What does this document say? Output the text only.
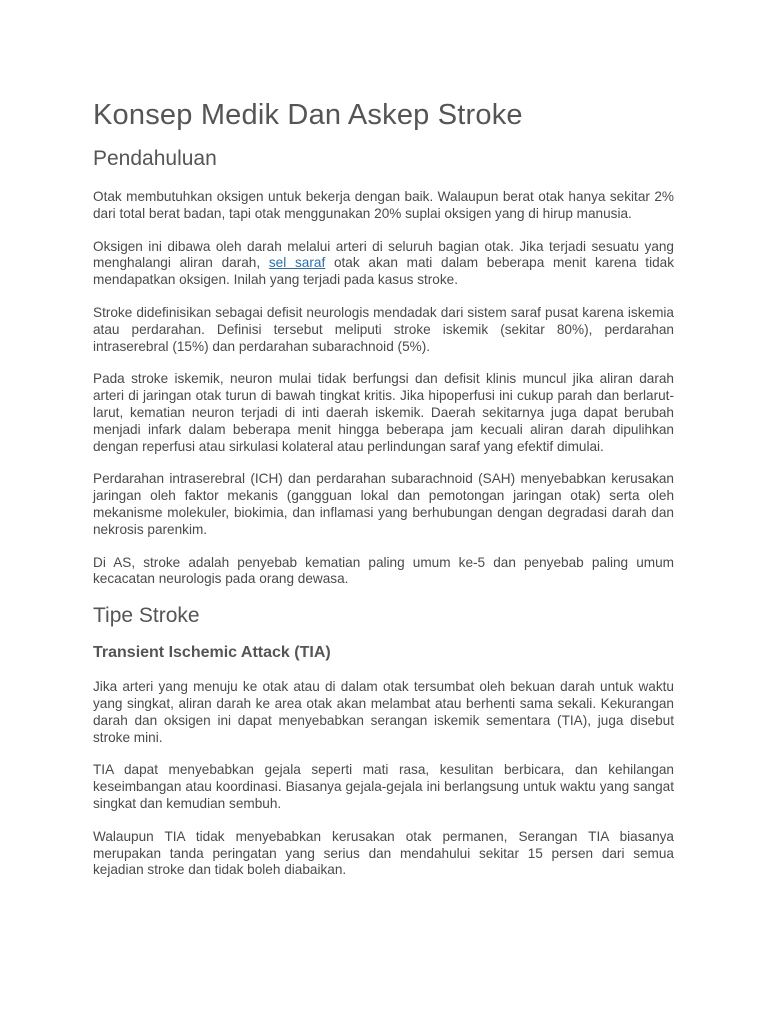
Konsep Medik Dan Askep Stroke
Pendahuluan

Otak membutuhkan oksigen untuk bekerja dengan baik. Walaupun berat otak hanya sekitar 2% dari total berat badan, tapi otak menggunakan 20% suplai oksigen yang di hirup manusia.

Oksigen ini dibawa oleh darah melalui arteri di seluruh bagian otak. Jika terjadi sesuatu yang menghalangi aliran darah, sel saraf otak akan mati dalam beberapa menit karena tidak mendapatkan oksigen. Inilah yang terjadi pada kasus stroke.

Stroke didefinisikan sebagai defisit neurologis mendadak dari sistem saraf pusat karena iskemia atau perdarahan. Definisi tersebut meliputi stroke iskemik (sekitar 80%), perdarahan intraserebral (15%) dan perdarahan subarachnoid (5%).

Pada stroke iskemik, neuron mulai tidak berfungsi dan defisit klinis muncul jika aliran darah arteri di jaringan otak turun di bawah tingkat kritis. Jika hipoperfusi ini cukup parah dan berlarut-larut, kematian neuron terjadi di inti daerah iskemik. Daerah sekitarnya juga dapat berubah menjadi infark dalam beberapa menit hingga beberapa jam kecuali aliran darah dipulihkan dengan reperfusi atau sirkulasi kolateral atau perlindungan saraf yang efektif dimulai.

Perdarahan intraserebral (ICH) dan perdarahan subarachnoid (SAH) menyebabkan kerusakan jaringan oleh faktor mekanis (gangguan lokal dan pemotongan jaringan otak) serta oleh mekanisme molekuler, biokimia, dan inflamasi yang berhubungan dengan degradasi darah dan nekrosis parenkim.

Di AS, stroke adalah penyebab kematian paling umum ke-5 dan penyebab paling umum kecacatan neurologis pada orang dewasa.

Tipe Stroke
Transient Ischemic Attack (TIA)

Jika arteri yang menuju ke otak atau di dalam otak tersumbat oleh bekuan darah untuk waktu yang singkat, aliran darah ke area otak akan melambat atau berhenti sama sekali. Kekurangan darah dan oksigen ini dapat menyebabkan serangan iskemik sementara (TIA), juga disebut stroke mini.

TIA dapat menyebabkan gejala seperti mati rasa, kesulitan berbicara, dan kehilangan keseimbangan atau koordinasi. Biasanya gejala-gejala ini berlangsung untuk waktu yang sangat singkat dan kemudian sembuh.

Walaupun TIA tidak menyebabkan kerusakan otak permanen, Serangan TIA biasanya merupakan tanda peringatan yang serius dan mendahului sekitar 15 persen dari semua kejadian stroke dan tidak boleh diabaikan.
